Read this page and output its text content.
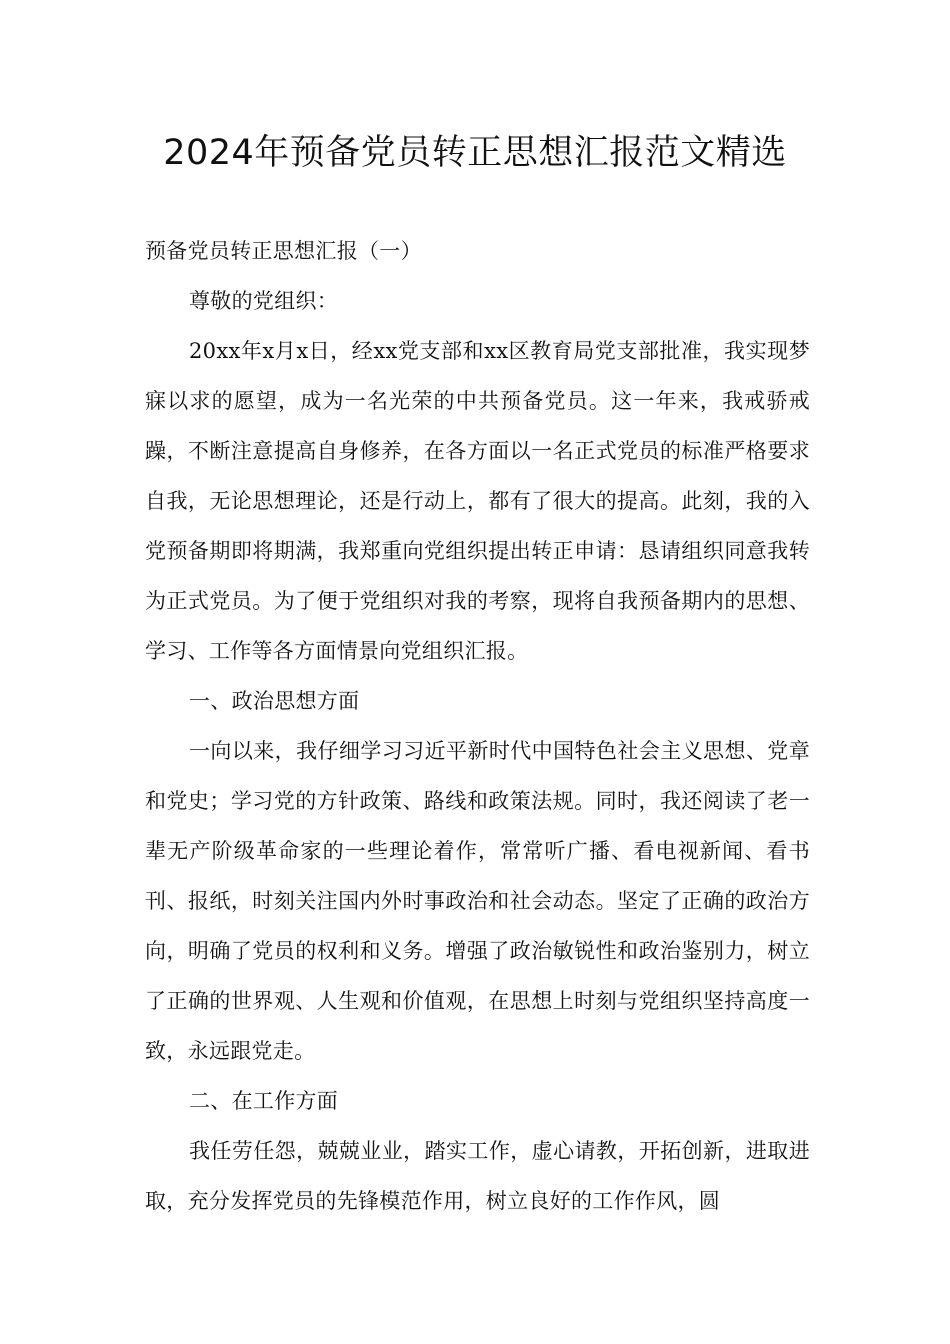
2024年预备党员转正思想汇报范文精选

预备党员转正思想汇报（一）

尊敬的党组织：

20xx年x月x日，经xx党支部和xx区教育局党支部批准，我实现梦寐以求的愿望，成为一名光荣的中共预备党员。这一年来，我戒骄戒躁，不断注意提高自身修养，在各方面以一名正式党员的标准严格要求自我，无论思想理论，还是行动上，都有了很大的提高。此刻，我的入党预备期即将期满，我郑重向党组织提出转正申请：恳请组织同意我转为正式党员。为了便于党组织对我的考察，现将自我预备期内的思想、学习、工作等各方面情景向党组织汇报。

一、政治思想方面

一向以来，我仔细学习习近平新时代中国特色社会主义思想、党章和党史；学习党的方针政策、路线和政策法规。同时，我还阅读了老一辈无产阶级革命家的一些理论着作，常常听广播、看电视新闻、看书刊、报纸，时刻关注国内外时事政治和社会动态。坚定了正确的政治方向，明确了党员的权利和义务。增强了政治敏锐性和政治鉴别力，树立了正确的世界观、人生观和价值观，在思想上时刻与党组织坚持高度一致，永远跟党走。

二、在工作方面

我任劳任怨，兢兢业业，踏实工作，虚心请教，开拓创新，进取进取，充分发挥党员的先锋模范作用，树立良好的工作作风，圆
